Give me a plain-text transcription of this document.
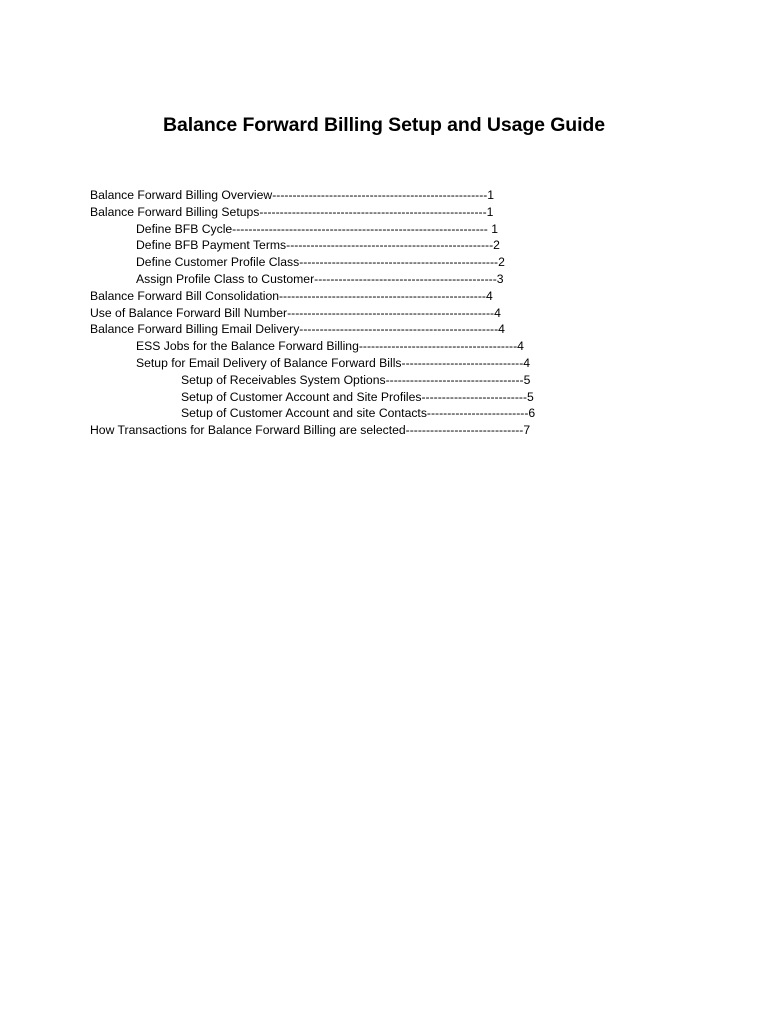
Balance Forward Billing Setup and Usage Guide
Balance Forward Billing Overview-----------------------------------------------------1
Balance Forward Billing Setups--------------------------------------------------------1
Define BFB Cycle--------------------------------------------------------------- 1
Define BFB Payment Terms---------------------------------------------------2
Define Customer Profile Class-------------------------------------------------2
Assign Profile Class to Customer---------------------------------------------3
Balance Forward Bill Consolidation---------------------------------------------------4
Use of Balance Forward Bill Number---------------------------------------------------4
Balance Forward Billing Email Delivery-------------------------------------------------4
ESS Jobs for the Balance Forward Billing---------------------------------------4
Setup for Email Delivery of Balance Forward Bills------------------------------4
Setup of Receivables System Options----------------------------------5
Setup of Customer Account and Site Profiles--------------------------5
Setup of Customer Account and site Contacts-------------------------6
How Transactions for Balance Forward Billing are selected-----------------------------7
